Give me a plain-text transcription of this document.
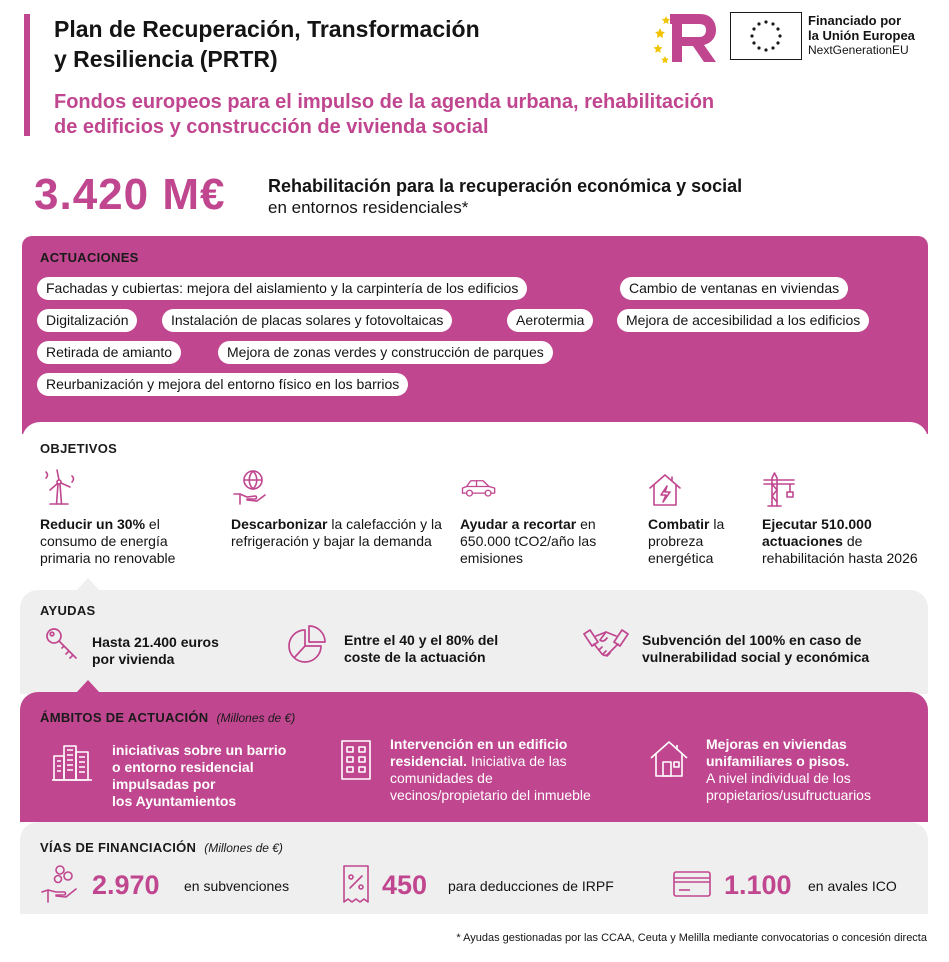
Plan de Recuperación, Transformación
y Resiliencia (PRTR)
Fondos europeos para el impulso de la agenda urbana, rehabilitación
de edificios y construcción de vivienda social
Financiado por
la Unión Europea
NextGenerationEU
3.420 M€ Rehabilitación para la recuperación económica y social
en entornos residenciales*
ACTUACIONES
Fachadas y cubiertas: mejora del aislamiento y la carpintería de los edificios	Cambio de ventanas en viviendas
Digitalización	Instalación de placas solares y fotovoltaicas	Aerotermia	Mejora de accesibilidad a los edificios
Retirada de amianto	Mejora de zonas verdes y construcción de parques
Reurbanización y mejora del entorno físico en los barrios
OBJETIVOS
Reducir un 30% el consumo de energía primaria no renovable
Descarbonizar la calefacción y la refrigeración y bajar la demanda
Ayudar a recortar en 650.000 tCO2/año las emisiones
Combatir la probreza energética
Ejecutar 510.000 actuaciones de rehabilitación hasta 2026
AYUDAS
Hasta 21.400 euros
por vivienda
Entre el 40 y el 80% del
coste de la actuación
Subvención del 100% en caso de
vulnerabilidad social y económica
ÁMBITOS DE ACTUACIÓN (Millones de €)
iniciativas sobre un barrio
o entorno residencial
impulsadas por
los Ayuntamientos
Intervención en un edificio
residencial. Iniciativa de las
comunidades de
vecinos/propietario del inmueble
Mejoras en viviendas
unifamiliares o pisos.
A nivel individual de los
propietarios/usufructuarios
VÍAS DE FINANCIACIÓN (Millones de €)
2.970 en subvenciones	450 para deducciones de IRPF	1.100 en avales ICO
* Ayudas gestionadas por las CCAA, Ceuta y Melilla mediante convocatorias o concesión directa
